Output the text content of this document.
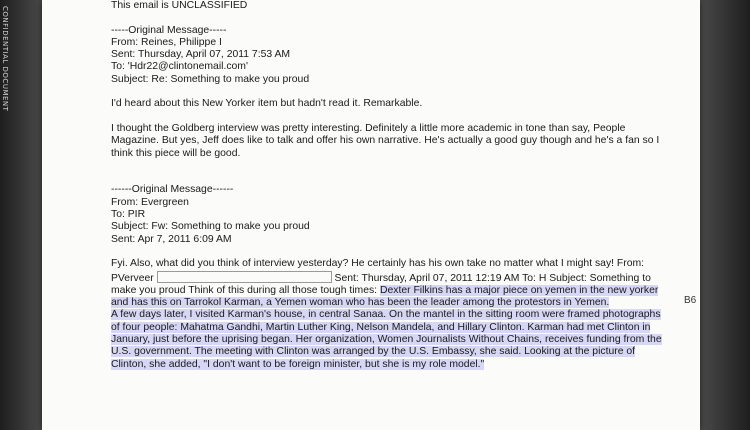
CONFIDENTIAL DOCUMENT
This email is UNCLASSIFIED
-----Original Message-----
From: Reines, Philippe I
Sent: Thursday, April 07, 2011 7:53 AM
To: 'Hdr22@clintonemail.com'
Subject: Re: Something to make you proud
I'd heard about this New Yorker item but hadn't read it. Remarkable.
I thought the Goldberg interview was pretty interesting. Definitely a little more academic in tone than say, People
Magazine. But yes, Jeff does like to talk and offer his own narrative. He's actually a good guy though and he's a fan so I
think this piece will be good.
------Original Message------
From: Evergreen
To: PIR
Subject: Fw: Something to make you proud
Sent: Apr 7, 2011 6:09 AM
Fyi. Also, what did you think of interview yesterday? He certainly has his own take no matter what I might say! From:
PVerveer	Sent: Thursday, April 07, 2011 12:19 AM To: H Subject: Something to
make you proud Think of this during all those tough times: Dexter Filkins has a major piece on yemen in the new yorker
and has this on Tarrokol Karman, a Yemen woman who has been the leader among the protestors in Yemen.
A few days later, I visited Karman's house, in central Sanaa. On the mantel in the sitting room were framed photographs
of four people: Mahatma Gandhi, Martin Luther King, Nelson Mandela, and Hillary Clinton. Karman had met Clinton in
January, just before the uprising began. Her organization, Women Journalists Without Chains, receives funding from the
U.S. government. The meeting with Clinton was arranged by the U.S. Embassy, she said. Looking at the picture of
Clinton, she added, "I don't want to be foreign minister, but she is my role model."
B6
